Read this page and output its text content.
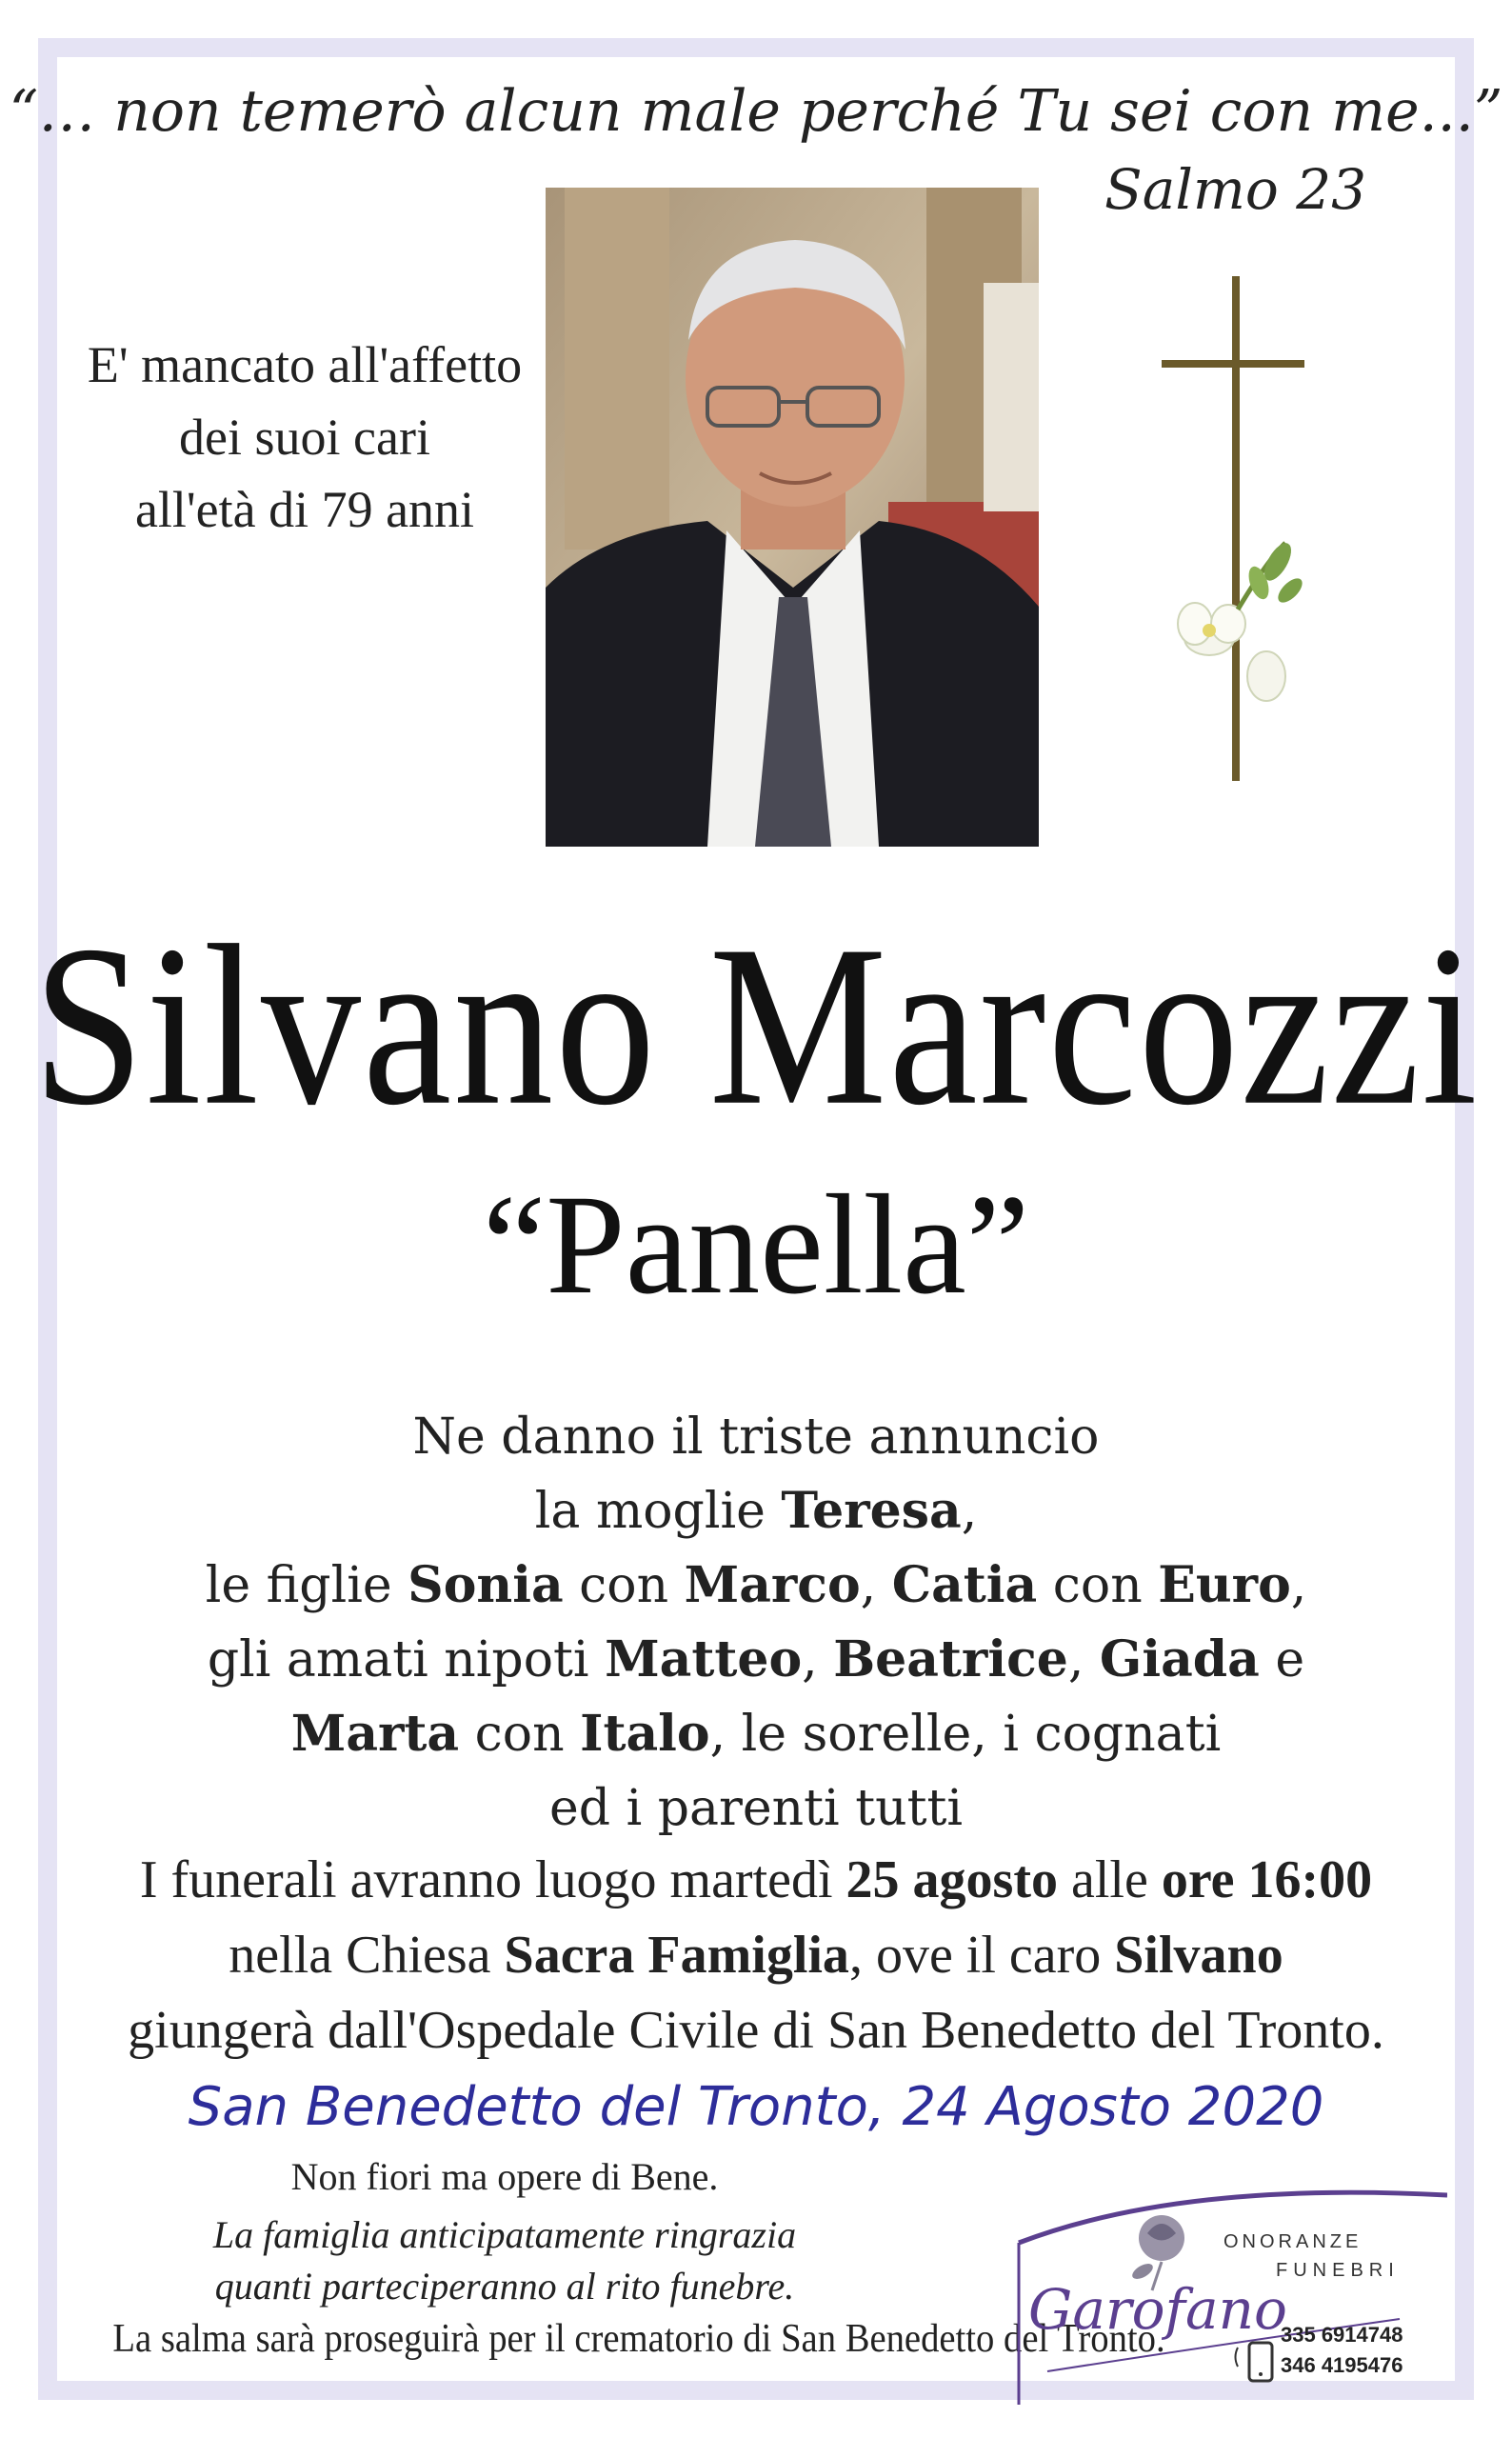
“… non temerò alcun male perché Tu sei con me...”
Salmo 23
E' mancato all'affetto
dei suoi cari
all'età di 79 anni
Silvano Marcozzi
“Panella”
Ne danno il triste annuncio
la moglie Teresa,
le figlie Sonia con Marco, Catia con Euro,
gli amati nipoti Matteo, Beatrice, Giada e
Marta con Italo, le sorelle, i cognati
ed i parenti tutti
I funerali avranno luogo martedì 25 agosto alle ore 16:00
nella Chiesa Sacra Famiglia, ove il caro Silvano
giungerà dall'Ospedale Civile di San Benedetto del Tronto.
San Benedetto del Tronto, 24 Agosto 2020
Non fiori ma opere di Bene.
La famiglia anticipatamente ringrazia
quanti parteciperanno al rito funebre.
La salma sarà proseguirà per il crematorio di San Benedetto del Tronto.
ONORANZE
FUNEBRI
Garofano
335 6914748
346 4195476
